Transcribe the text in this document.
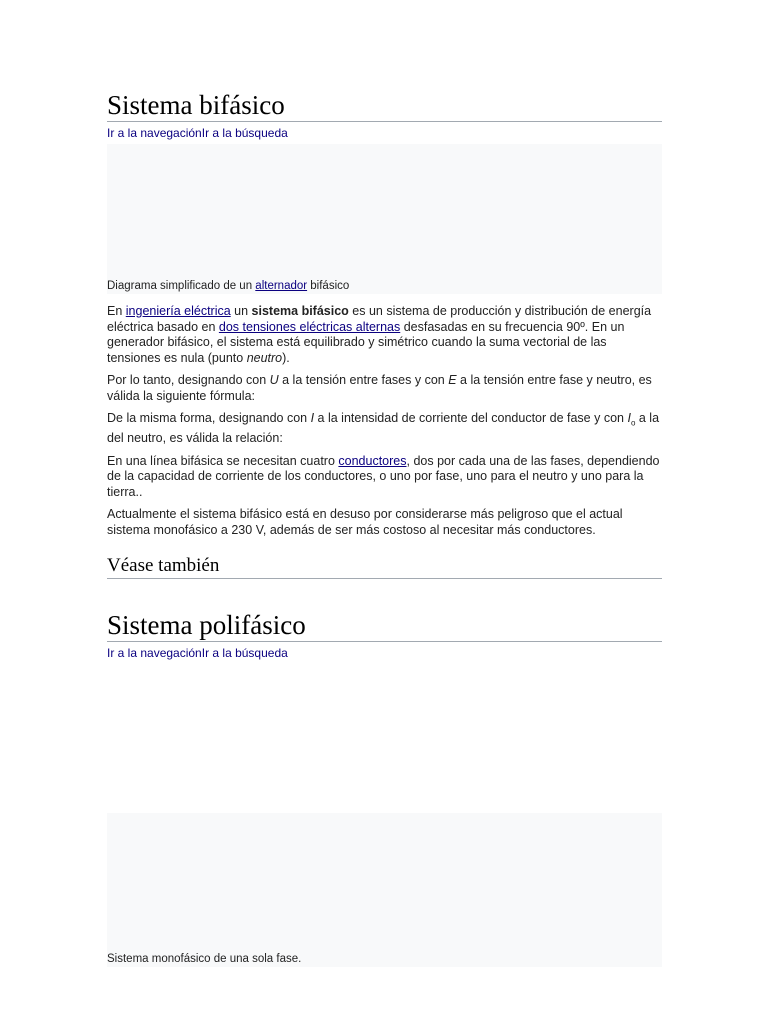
Sistema bifásico
Ir a la navegaciónIr a la búsqueda
Diagrama simplificado de un alternador bifásico

En ingeniería eléctrica un sistema bifásico es un sistema de producción y distribución de energía eléctrica basado en dos tensiones eléctricas alternas desfasadas en su frecuencia 90º. En un generador bifásico, el sistema está equilibrado y simétrico cuando la suma vectorial de las tensiones es nula (punto neutro).

Por lo tanto, designando con U a la tensión entre fases y con E a la tensión entre fase y neutro, es válida la siguiente fórmula:

De la misma forma, designando con I a la intensidad de corriente del conductor de fase y con $I_o$ a la del neutro, es válida la relación:

En una línea bifásica se necesitan cuatro conductores, dos por cada una de las fases, dependiendo de la capacidad de corriente de los conductores, o uno por fase, uno para el neutro y uno para la tierra..

Actualmente el sistema bifásico está en desuso por considerarse más peligroso que el actual sistema monofásico a 230 V, además de ser más costoso al necesitar más conductores.

Véase también
Sistema polifásico
Ir a la navegaciónIr a la búsqueda
Sistema monofásico de una sola fase.
